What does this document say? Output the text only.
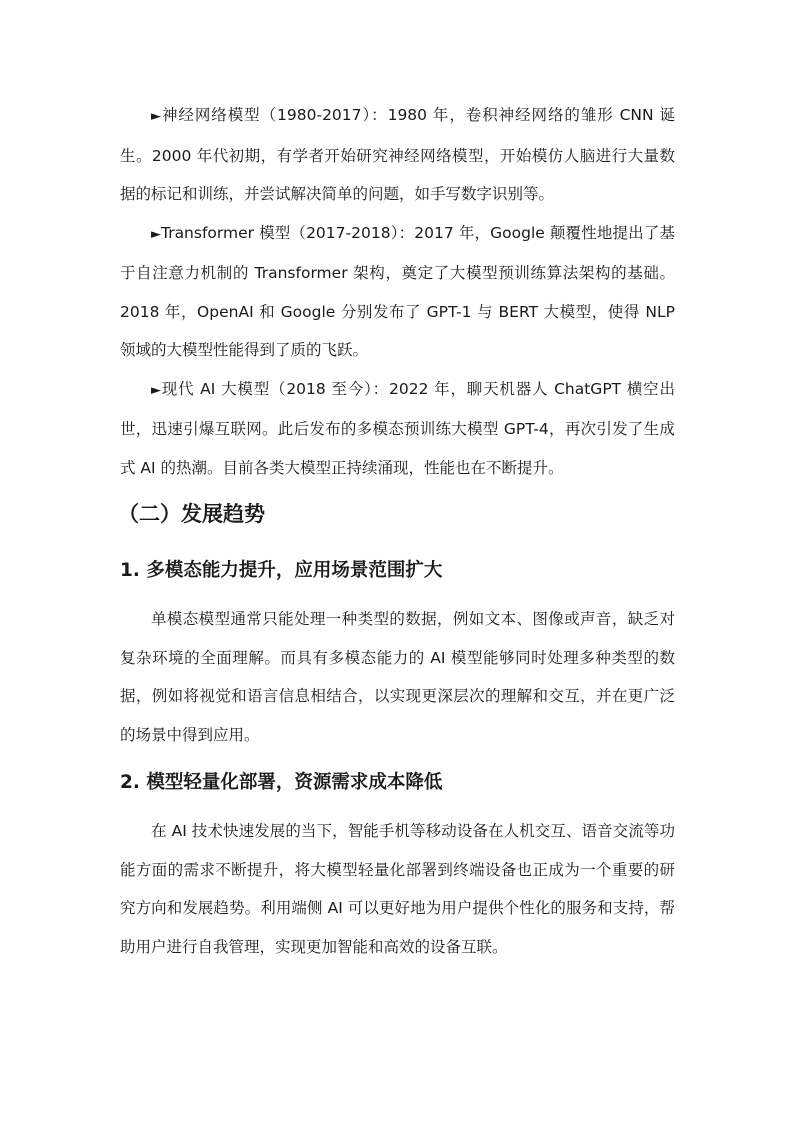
►神经网络模型（1980-2017）：1980 年，卷积神经网络的雏形 CNN 诞生。2000 年代初期，有学者开始研究神经网络模型，开始模仿人脑进行大量数据的标记和训练，并尝试解决简单的问题，如手写数字识别等。

►Transformer 模型（2017-2018）：2017 年，Google 颠覆性地提出了基于自注意力机制的 Transformer 架构，奠定了大模型预训练算法架构的基础。2018 年，OpenAI 和 Google 分别发布了 GPT-1 与 BERT 大模型，使得 NLP 领域的大模型性能得到了质的飞跃。

►现代 AI 大模型（2018 至今）：2022 年，聊天机器人 ChatGPT 横空出世，迅速引爆互联网。此后发布的多模态预训练大模型 GPT-4，再次引发了生成式 AI 的热潮。目前各类大模型正持续涌现，性能也在不断提升。

（二）发展趋势
1. 多模态能力提升，应用场景范围扩大

单模态模型通常只能处理一种类型的数据，例如文本、图像或声音，缺乏对复杂环境的全面理解。而具有多模态能力的 AI 模型能够同时处理多种类型的数据，例如将视觉和语言信息相结合，以实现更深层次的理解和交互，并在更广泛的场景中得到应用。

2. 模型轻量化部署，资源需求成本降低

在 AI 技术快速发展的当下，智能手机等移动设备在人机交互、语音交流等功能方面的需求不断提升，将大模型轻量化部署到终端设备也正成为一个重要的研究方向和发展趋势。利用端侧 AI 可以更好地为用户提供个性化的服务和支持，帮助用户进行自我管理，实现更加智能和高效的设备互联。
